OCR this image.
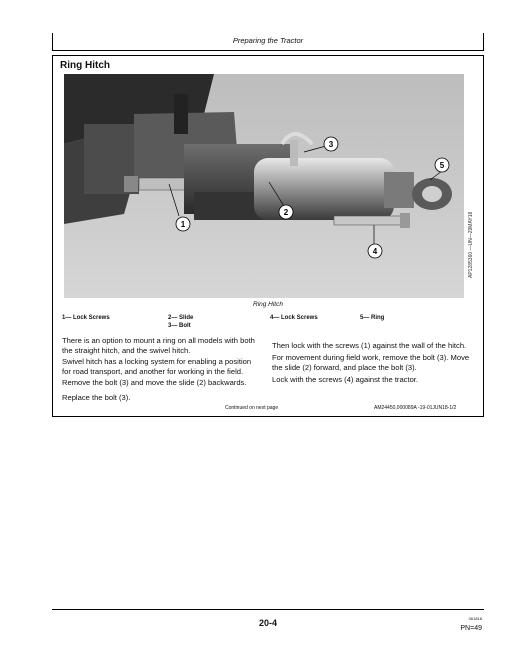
Preparing the Tractor
Ring Hitch
1
2
3
4
5
AP1285360 —UN—29MAY18
Ring Hitch
1— Lock Screws	2— Slide
3— Bolt
4— Lock Screws	5— Ring

There is an option to mount a ring on all models with both the straight hitch, and the swivel hitch.

Swivel hitch has a locking system for enabling a position for road transport, and another for working in the field.

Remove the bolt (3) and move the slide (2) backwards.

Replace the bolt (3).

Then lock with the screws (1) against the wall of the hitch.

For movement during field work, remove the bolt (3). Move the slide (2) forward, and place the bolt (3).

Lock with the screws (4) against the tractor.

Continued on next page	AM24450,000089A -19-01JUN18-1/2
20-4	061818
PN=49
